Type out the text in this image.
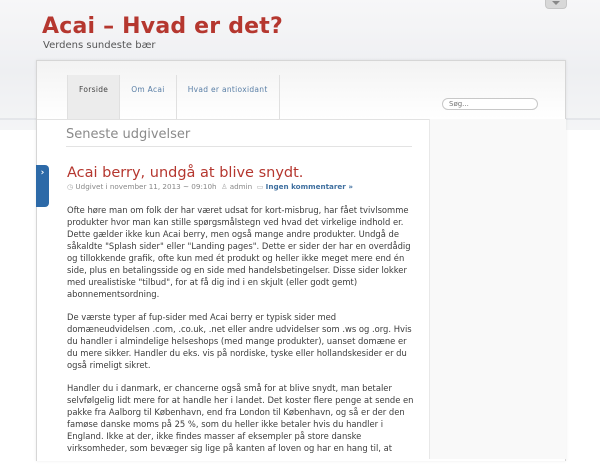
Acai – Hvad er det?
Verdens sundeste bær
Forside	Om Acai	Hvad er antioxidant
Søg...
Seneste udgivelser
Acai berry, undgå at blive snydt.
◷ Udgivet i november 11, 2013 ~ 09:10h  ♙ admin  ▭ Ingen kommentarer »

Ofte høre man om folk der har været udsat for kort-misbrug, har fået tvivlsomme produkter hvor man kan stille spørgsmålstegn ved hvad det virkelige indhold er. Dette gælder ikke kun Acai berry, men også mange andre produkter. Undgå de såkaldte "Splash sider" eller "Landing pages". Dette er sider der har en overdådig og tillokkende grafik, ofte kun med ét produkt og heller ikke meget mere end én side, plus en betalingsside og en side med handelsbetingelser. Disse sider lokker med urealistiske "tilbud", for at få dig ind i en skjult (eller godt gemt) abonnementsordning.

De værste typer af fup-sider med Acai berry er typisk sider med domæneudvidelsen .com, .co.uk, .net eller andre udvidelser som .ws og .org. Hvis du handler i almindelige helseshops (med mange produkter), uanset domæne er du mere sikker. Handler du eks. vis på nordiske, tyske eller hollandskesider er du også rimeligt sikret.

Handler du i danmark, er chancerne også små for at blive snydt, man betaler selvfølgelig lidt mere for at handle her i landet. Det koster flere penge at sende en pakke fra Aalborg til København, end fra London til København, og så er der den famøse danske moms på 25 %, som du heller ikke betaler hvis du handler i England. Ikke at der, ikke findes masser af eksempler på store danske virksomheder, som bevæger sig lige på kanten af loven og har en hang til, at

›
